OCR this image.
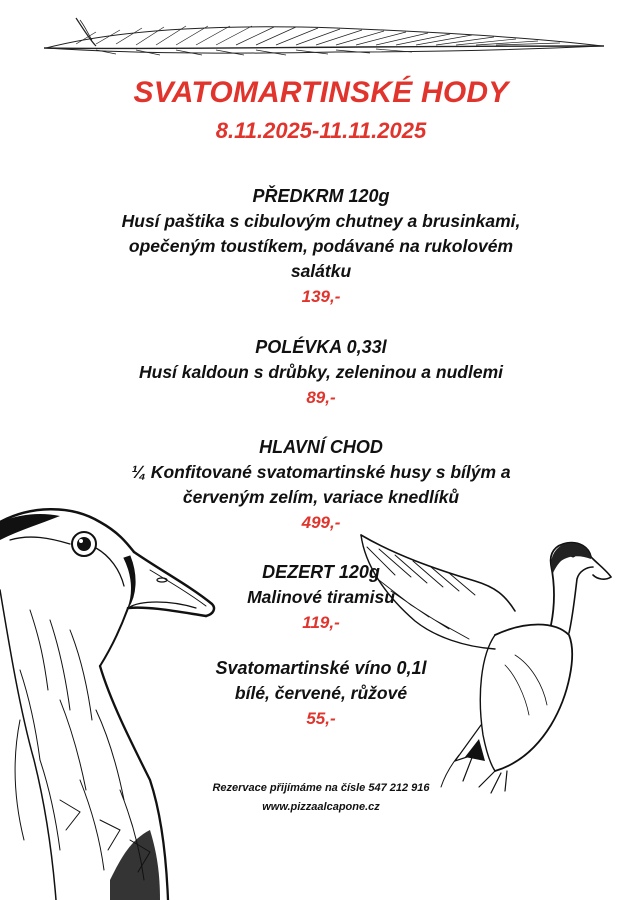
SVATOMARTINSKÉ HODY
8.11.2025-11.11.2025
PŘEDKRM 120g
Husí paštika s cibulovým chutney a brusinkami,
opečeným toustíkem, podávané na rukolovém
salátku
139,-
POLÉVKA 0,33l
Husí kaldoun s drůbky, zeleninou a nudlemi
89,-
HLAVNÍ CHOD
¼ Konfitované svatomartinské husy s bílým a
červeným zelím, variace knedlíků
499,-
DEZERT 120g
Malinové tiramisu
119,-
Svatomartinské víno 0,1l
bílé, červené, růžové
55,-
Rezervace přijímáme na čísle 547 212 916
www.pizzaalcapone.cz
